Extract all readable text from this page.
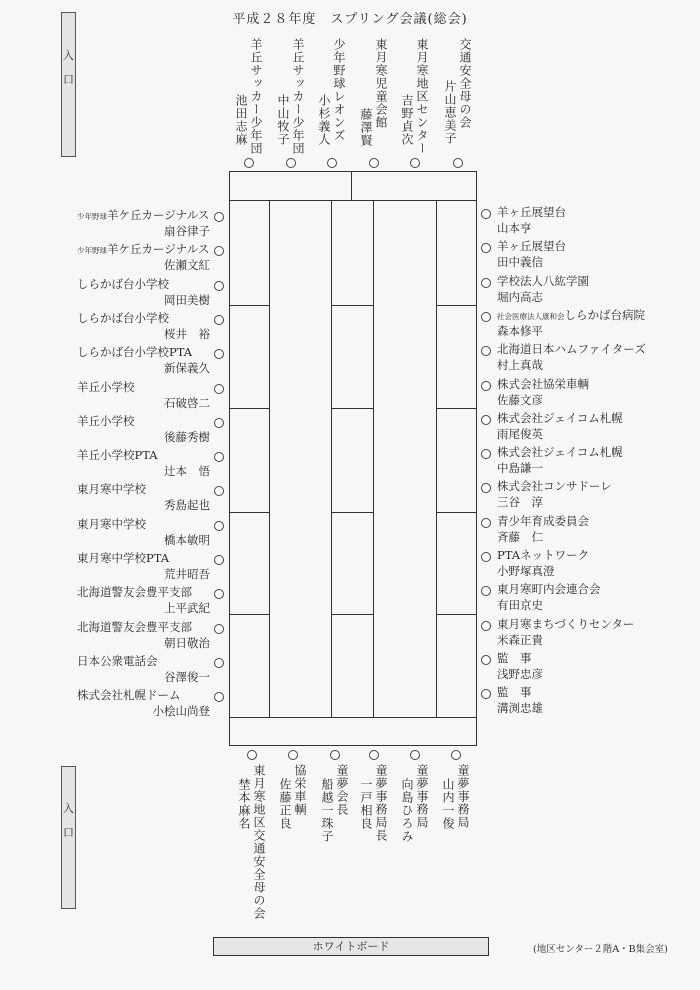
平成２８年度　スプリング会議(総会)
入
口
入
口
交通安全母の会
片山恵美子
東月寒地区センター
吉野貞次
東月寒児童会館
藤澤賢
少年野球レオンズ
小杉義人
羊丘サッカー少年団
中山牧子
羊丘サッカー少年団
池田志麻
少年野球羊ケ丘カージナルス
扇谷律子
少年野球羊ケ丘カージナルス
佐瀬文紅
しらかば台小学校
岡田美樹
しらかば台小学校
桜井　裕
しらかば台小学校PTA
新保義久
羊丘小学校
石破啓二
羊丘小学校
後藤秀樹
羊丘小学校PTA
辻本　悟
東月寒中学校
秀島起也
東月寒中学校
橋本敏明
東月寒中学校PTA
荒井昭吾
北海道警友会豊平支部
上平武紀
北海道警友会豊平支部
朝日敬治
日本公衆電話会
谷澤俊一
株式会社札幌ドーム
小桧山尚登
羊ヶ丘展望台
山本亨
羊ヶ丘展望台
田中義信
学校法人八紘学園
堀内高志
社会医療法人康和会しらかば台病院
森本修平
北海道日本ハムファイターズ
村上真哉
株式会社協栄車輌
佐藤文彦
株式会社ジェイコム札幌
雨尾俊英
株式会社ジェイコム札幌
中島謙一
株式会社コンサドーレ
三谷　淳
青少年育成委員会
斉藤　仁
PTAネットワーク
小野塚真澄
東月寒町内会連合会
有田京史
東月寒まちづくりセンター
米森正貴
監　事
浅野忠彦
監　事
溝渕忠雄
童夢事務局
山内一俊
童夢事務局
向島ひろみ
童夢事務局長
一戸相良
童夢会長
船越一珠子
協栄車輌
佐藤正良
東月寒地区交通安全母の会
埜本麻名
ホワイトボード	(地区センター２階A・B集会室)
